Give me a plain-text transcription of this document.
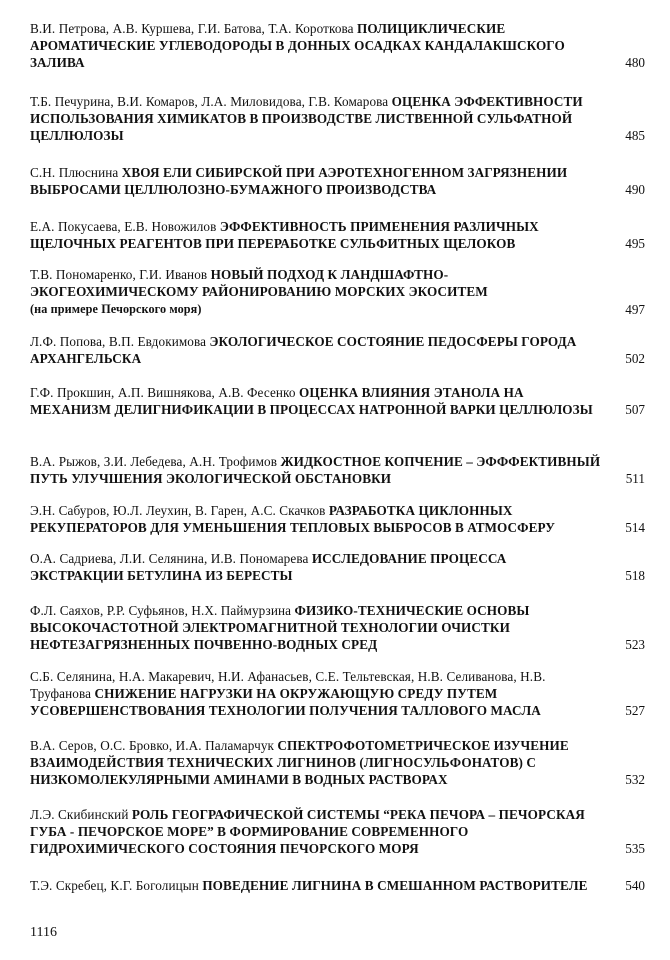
В.И. Петрова, А.В. Куршева, Г.И. Батова, Т.А. Короткова ПОЛИЦИКЛИЧЕСКИЕ АРОМАТИЧЕСКИЕ УГЛЕВОДОРОДЫ В ДОННЫХ ОСАДКАХ КАНДАЛАКШСКОГО ЗАЛИВА	480
Т.Б. Печурина, В.И. Комаров, Л.А. Миловидова, Г.В. Комарова ОЦЕНКА ЭФФЕКТИВНОСТИ ИСПОЛЬЗОВАНИЯ ХИМИКАТОВ В ПРОИЗВОДСТВЕ ЛИСТВЕННОЙ СУЛЬФАТНОЙ ЦЕЛЛЮЛОЗЫ	485
С.Н. Плюснина ХВОЯ ЕЛИ СИБИРСКОЙ ПРИ АЭРОТЕХНОГЕННОМ ЗАГРЯЗНЕНИИ ВЫБРОСАМИ ЦЕЛЛЮЛОЗНО-БУМАЖНОГО ПРОИЗВОДСТВА	490
Е.А. Покусаева, Е.В. Новожилов ЭФФЕКТИВНОСТЬ ПРИМЕНЕНИЯ РАЗЛИЧНЫХ ЩЕЛОЧНЫХ РЕАГЕНТОВ ПРИ ПЕРЕРАБОТКЕ СУЛЬФИТНЫХ ЩЕЛОКОВ	495
Т.В. Пономаренко, Г.И. Иванов НОВЫЙ ПОДХОД К ЛАНДШАФТНО-ЭКОГЕОХИМИЧЕСКОМУ РАЙОНИРОВАНИЮ МОРСКИХ ЭКОСИТЕМ
(на примере Печорского моря)	497
Л.Ф. Попова, В.П. Евдокимова ЭКОЛОГИЧЕСКОЕ СОСТОЯНИЕ ПЕДОСФЕРЫ ГОРОДА АРХАНГЕЛЬСКА	502
Г.Ф. Прокшин, А.П. Вишнякова, А.В. Фесенко ОЦЕНКА ВЛИЯНИЯ ЭТАНОЛА НА МЕХАНИЗМ ДЕЛИГНИФИКАЦИИ В ПРОЦЕССАХ НАТРОННОЙ ВАРКИ ЦЕЛЛЮЛОЗЫ	507
В.А. Рыжов, З.И. Лебедева, А.Н. Трофимов ЖИДКОСТНОЕ КОПЧЕНИЕ – ЭФФФЕКТИВНЫЙ ПУТЬ УЛУЧШЕНИЯ ЭКОЛОГИЧЕСКОЙ ОБСТАНОВКИ	511
Э.Н. Сабуров, Ю.Л. Леухин, В. Гарен, А.С. Скачков РАЗРАБОТКА ЦИКЛОННЫХ РЕКУПЕРАТОРОВ ДЛЯ УМЕНЬШЕНИЯ ТЕПЛОВЫХ ВЫБРОСОВ В АТМОСФЕРУ	514
О.А. Садриева, Л.И. Селянина, И.В. Пономарева ИССЛЕДОВАНИЕ ПРОЦЕССА ЭКСТРАКЦИИ БЕТУЛИНА ИЗ БЕРЕСТЫ	518
Ф.Л. Саяхов, Р.Р. Суфьянов, Н.Х. Паймурзина ФИЗИКО-ТЕХНИЧЕСКИЕ ОСНОВЫ ВЫСОКОЧАСТОТНОЙ ЭЛЕКТРОМАГНИТНОЙ ТЕХНОЛОГИИ ОЧИСТКИ НЕФТЕЗАГРЯЗНЕННЫХ ПОЧВЕННО-ВОДНЫХ СРЕД	523
С.Б. Селянина, Н.А. Макаревич, Н.И. Афанасьев, С.Е. Тельтевская, Н.В. Селиванова, Н.В. Труфанова СНИЖЕНИЕ НАГРУЗКИ НА ОКРУЖАЮЩУЮ СРЕДУ ПУТЕМ УСОВЕРШЕНСТВОВАНИЯ ТЕХНОЛОГИИ ПОЛУЧЕНИЯ ТАЛЛОВОГО МАСЛА	527
В.А. Серов, О.С. Бровко, И.А. Паламарчук СПЕКТРОФОТОМЕТРИЧЕСКОЕ ИЗУЧЕНИЕ ВЗАИМОДЕЙСТВИЯ ТЕХНИЧЕСКИХ ЛИГНИНОВ (ЛИГНОСУЛЬФОНАТОВ) С НИЗКОМОЛЕКУЛЯРНЫМИ АМИНАМИ В ВОДНЫХ РАСТВОРАХ	532
Л.Э. Скибинский РОЛЬ ГЕОГРАФИЧЕСКОЙ СИСТЕМЫ “РЕКА ПЕЧОРА – ПЕЧОРСКАЯ ГУБА - ПЕЧОРСКОЕ МОРЕ” В ФОРМИРОВАНИЕ СОВРЕМЕННОГО ГИДРОХИМИЧЕСКОГО СОСТОЯНИЯ ПЕЧОРСКОГО МОРЯ	535
Т.Э. Скребец, К.Г. Боголицын ПОВЕДЕНИЕ ЛИГНИНА В СМЕШАННОМ РАСТВОРИТЕЛЕ	540
1116
